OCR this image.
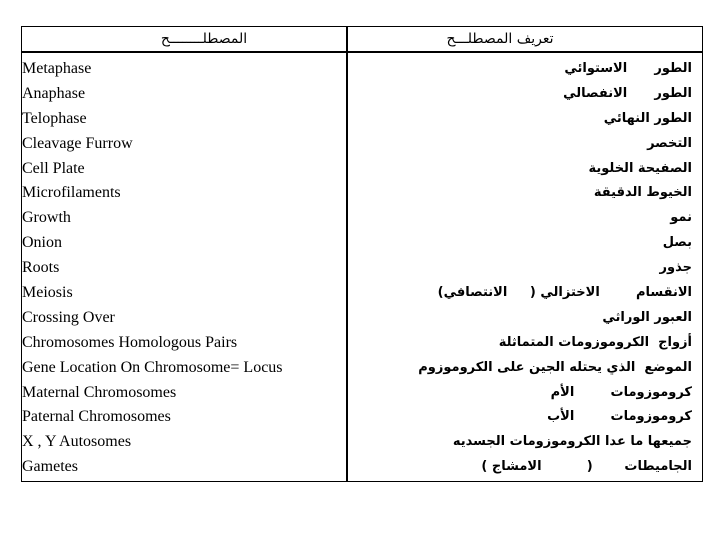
المصطلــــــــح	تعريف المصطلـــح
Metaphase
Anaphase
Telophase
Cleavage Furrow
Cell Plate
Microfilaments
Growth
Onion
Roots
Meiosis
Crossing Over
Chromosomes Homologous Pairs
Gene Location On Chromosome= Locus
Maternal Chromosomes
Paternal Chromosomes
X , Y Autosomes
Gametes
الطور      الاستوائي
الطور      الانفصالي
الطور النهائي
التخصر
الصفيحة الخلوية
الخيوط الدقيقة
نمو
بصل
جذور
الانقسام        الاختزالي (     الانتصافي)
العبور الوراثي
أزواج  الكروموزومات المتماثلة
الموضع  الذي يحتله الجين على الكروموزوم
كروموزومات        الأم
كروموزومات        الأب
جميعها ما عدا الكروموزومات الجسديه
الجاميطات       (          الامشاج )
